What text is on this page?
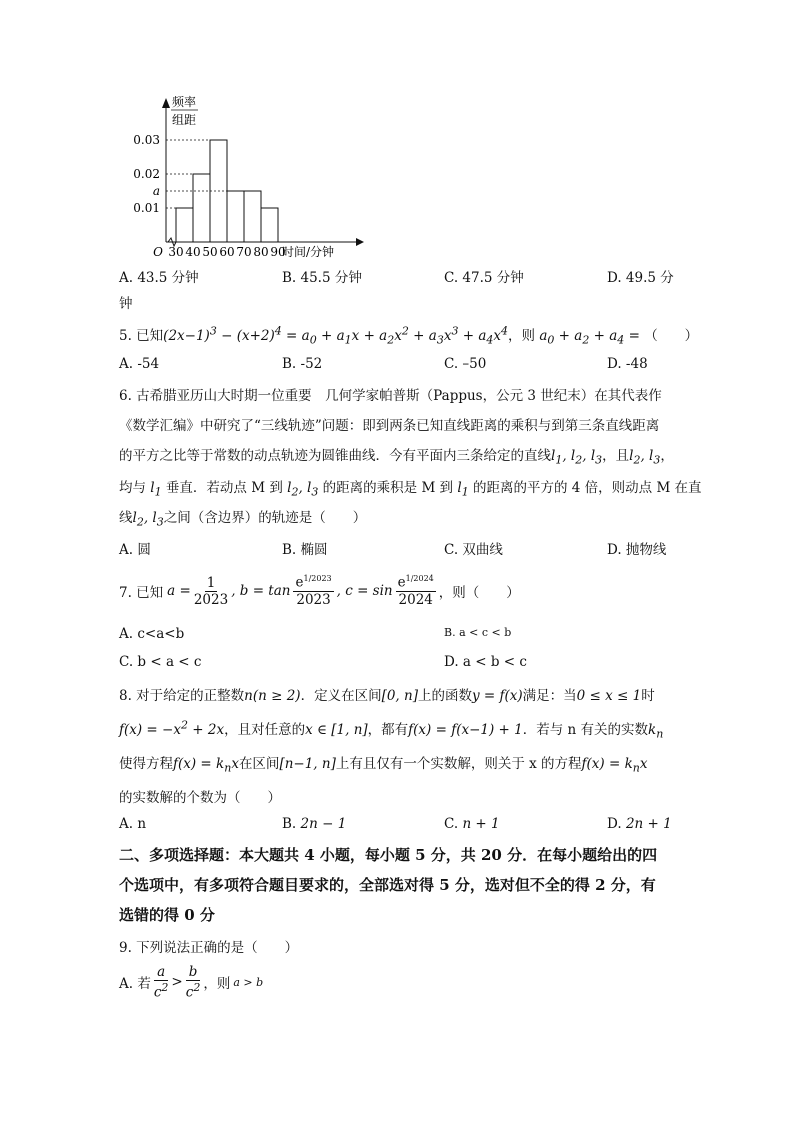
0.03
0.02
a
0.01
30 40 50 60 70 80 90
O	时间/分钟
频率
组距
A. 43.5 分钟	B. 45.5 分钟	C. 47.5 分钟	D. 49.5 分
钟
5. 已知$(2x-1)^3 - (x+2)^4 = a_0 + a_1x + a_2x^2 + a_3x^3 + a_4x^4$，则 $a_0 + a_2 + a_4$ = （　　）
A. -54	B. -52	C. –50	D. -48
6. 古希腊亚历山大时期一位重要　几何学家帕普斯（Pappus，公元 3 世纪末）在其代表作
《数学汇编》中研究了“三线轨迹”问题：即到两条已知直线距离的乘积与到第三条直线距离
的平方之比等于常数的动点轨迹为圆锥曲线．今有平面内三条给定的直线$l_1$, $l_2$, $l_3$，且$l_2$, $l_3$，
均与 $l_1$ 垂直．若动点 M 到 $l_2$, $l_3$ 的距离的乘积是 M 到 $l_1$ 的距离的平方的 4 倍，则动点 M 在直
线$l_2$, $l_3$之间（含边界）的轨迹是（　　）
A. 圆	B. 椭圆	C. 双曲线	D. 抛物线
7. 已知 $a = \frac{1}{2023}$ , b = tan
$e^{1/2023}$
2023
, c = sin
$e^{1/2024}$
2024 ，则（　　）
A. c<a<b	B. a < c < b
C. b < a < c	D. a < b < c
8. 对于给定的正整数n(n ≥ 2)．定义在区间[0, n]上的函数y = f(x)满足：当0 ≤ x ≤ 1时
$f(x) = -x^2 + 2x$，且对任意的x ∈ [1, n]，都有f(x) = f(x−1) + 1．若与 n 有关的实数$k_n$
使得方程$f(x) = k_nx$在区间[n−1, n]上有且仅有一个实数解，则关于 x 的方程$f(x) = k_nx$
的实数解的个数为（　　）
A. n	B. 2n − 1	C. n + 1	D. 2n + 1
二、多项选择题：本大题共 4 小题，每小题 5 分，共 20 分．在每小题给出的四
个选项中，有多项符合题目要求的，全部选对得 5 分，选对但不全的得 2 分，有
选错的得 0 分
9. 下列说法正确的是（　　）
A. 若
a
$c^2$ >
b
$c^2$ ，则 a > b
